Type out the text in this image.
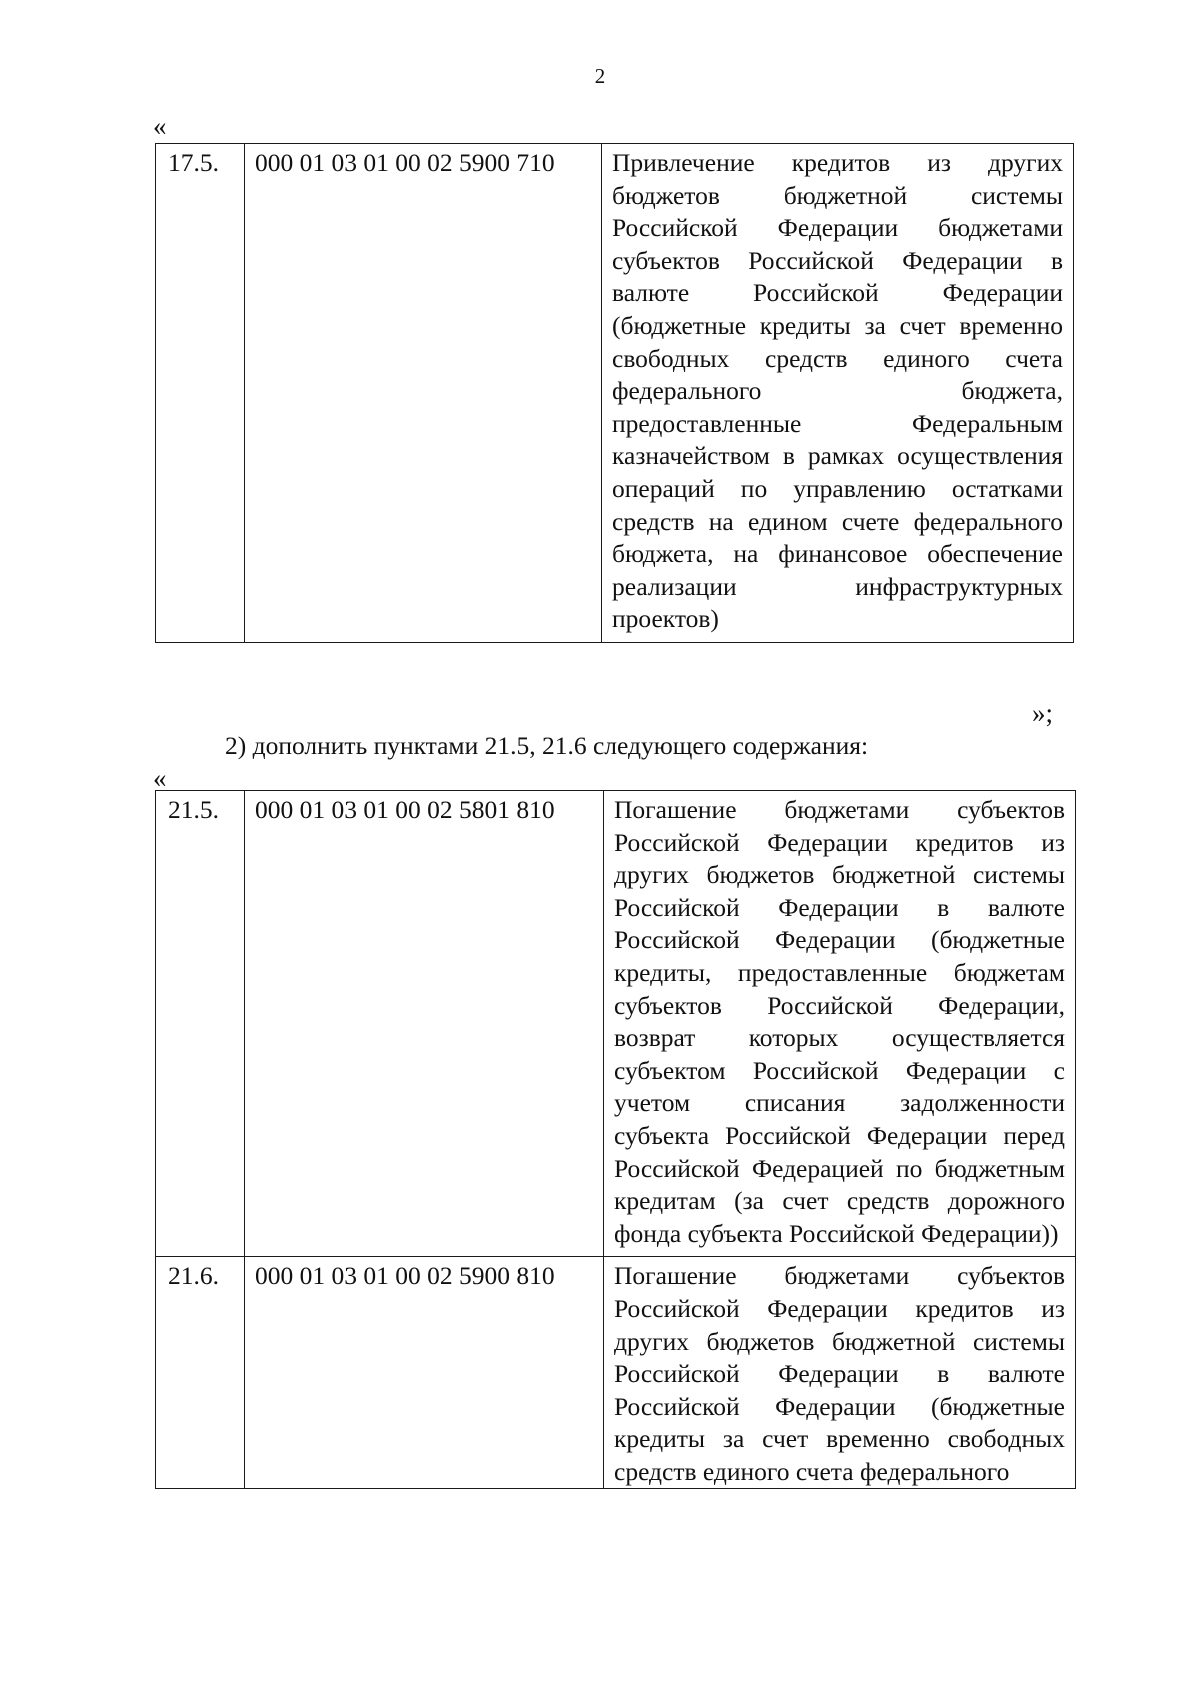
2
«
17.5.	000 01 03 01 00 02 5900 710	Привлечение кредитов из других бюджетов бюджетной системы Российской Федерации бюджетами субъектов Российской Федерации в валюте Российской Федерации (бюджетные кредиты за счет временно свободных средств единого счета федерального бюджета, предоставленные Федеральным казначейством в рамках осуществления операций по управлению остатками средств на едином счете федерального бюджета, на финансовое обеспечение реализации инфраструктурных проектов)
»;
2) дополнить пунктами 21.5, 21.6 следующего содержания:
«
21.5.	000 01 03 01 00 02 5801 810	Погашение бюджетами субъектов Российской Федерации кредитов из других бюджетов бюджетной системы Российской Федерации в валюте Российской Федерации (бюджетные кредиты, предоставленные бюджетам субъектов Российской Федерации, возврат которых осуществляется субъектом Российской Федерации с учетом списания задолженности субъекта Российской Федерации перед Российской Федерацией по бюджетным кредитам (за счет средств дорожного фонда субъекта Российской Федерации))
21.6.	000 01 03 01 00 02 5900 810	Погашение бюджетами субъектов Российской Федерации кредитов из других бюджетов бюджетной системы Российской Федерации в валюте Российской Федерации (бюджетные кредиты за счет временно свободных средств единого счета федерального
